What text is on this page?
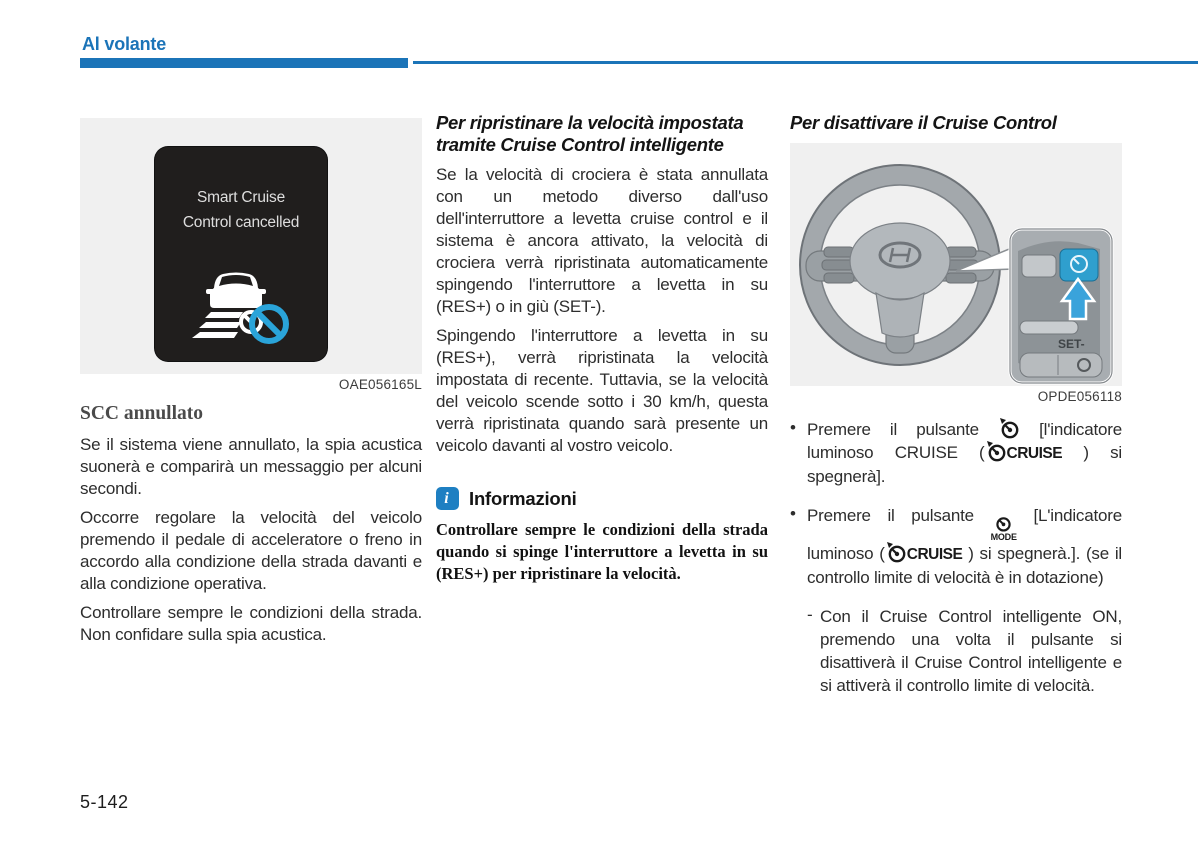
Al volante
Smart Cruise
Control cancelled
OAE056165L
SCC annullato

Se il sistema viene annullato, la spia acustica suonerà e comparirà un messaggio per alcuni secondi.

Occorre regolare la velocità del veicolo premendo il pedale di acceleratore o freno in accordo alla condizione della strada davanti e alla condizione operativa.

Controllare sempre le condizioni della strada. Non confidare sulla spia acustica.

Per ripristinare la velocità impostata tramite Cruise Control intelligente

Se la velocità di crociera è stata annullata con un metodo diverso dall'uso dell'interruttore a levetta cruise control e il sistema è ancora attivato, la velocità di crociera verrà ripristinata automaticamente spingendo l'interruttore a levetta in su (RES+) o in giù (SET-).

Spingendo l'interruttore a levetta in su (RES+), verrà ripristinata la velocità impostata di recente. Tuttavia, se la velocità del veicolo scende sotto i 30 km/h, questa verrà ripristinata quando sarà presente un veicolo davanti al vostro veicolo.

i	Informazioni
Controllare sempre le condizioni della strada quando si spinge l'interruttore a levetta in su (RES+) per ripristinare la velocità.
Per disattivare il Cruise Control
SET-
OPDE056118
• Premere il pulsante	[l'indicatore luminoso CRUISE ( CRUISE ) si spegnerà].
• Premere il pulsante
MODE
[L'indicatore luminoso ( CRUISE ) si spegnerà.]. (se il controllo limite di velocità è in dotazione)
- Con il Cruise Control intelligente ON, premendo una volta il pulsante si disattiverà il Cruise Control intelligente e si attiverà il controllo limite di velocità.
5-142
